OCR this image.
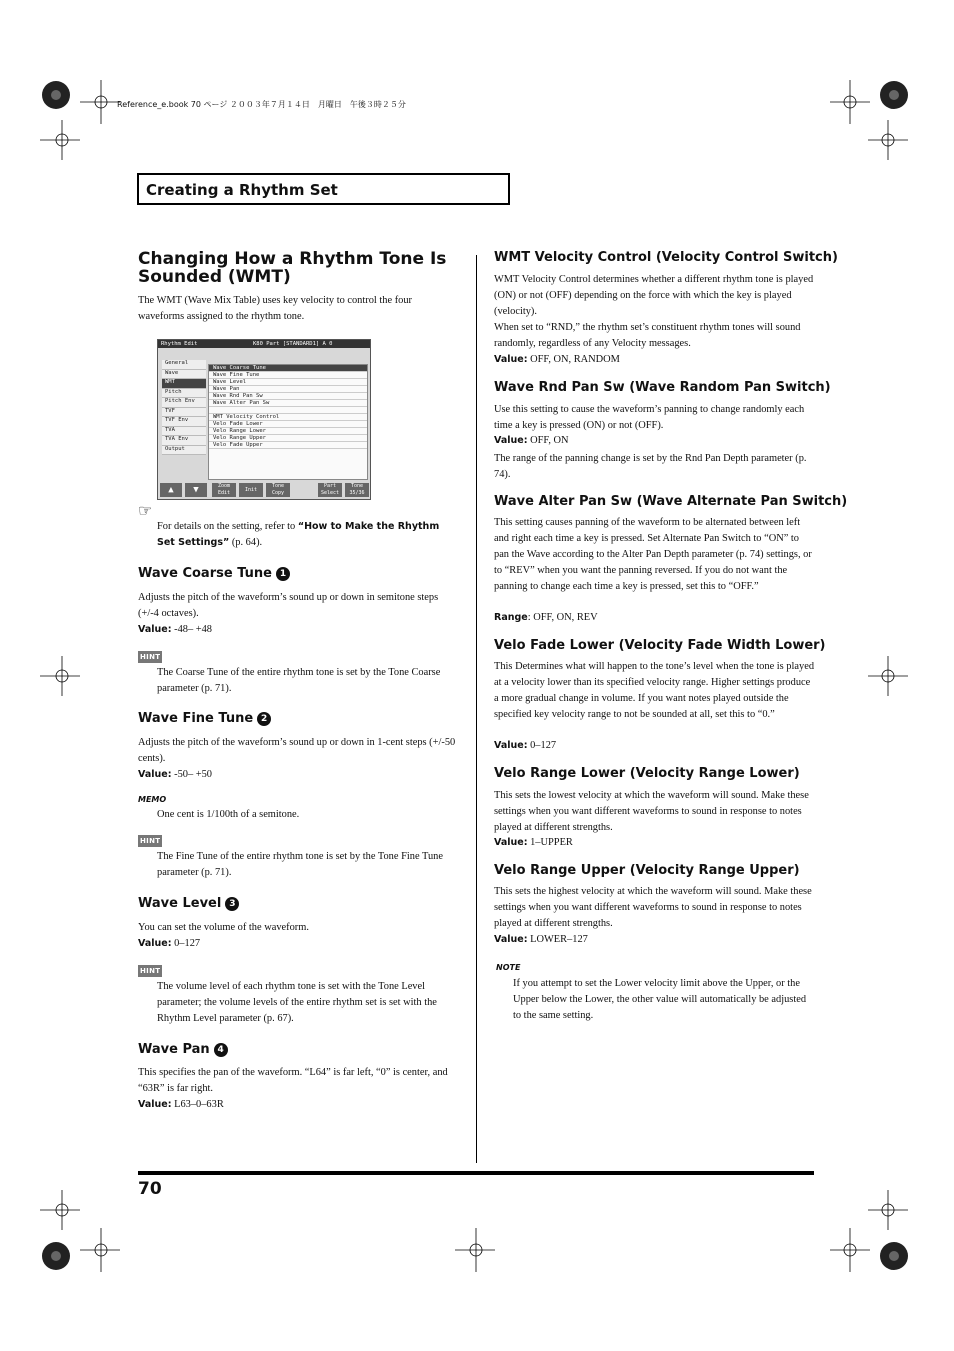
Reference_e.book 70 ページ ２００３年７月１４日　月曜日　午後３時２５分
Creating a Rhythm Set
Changing How a Rhythm Tone Is Sounded (WMT)
The WMT (Wave Mix Table) uses key velocity to control the four waveforms assigned to the rhythm tone.
Rhythm Edit	K80 Part [STANDARD1] A 0
General
Wave
WMT
Pitch
Pitch Env
TVF
TVF Env
TVA
TVA Env
Output
Wave Coarse Tune
Wave Fine Tune
Wave Level
Wave Pan
Wave Rnd Pan Sw
Wave Alter Pan Sw
WMT Velocity Control
Velo Fade Lower
Velo Range Lower
Velo Range Upper
Velo Fade Upper
▲	▼	Zoom Edit	Init
Tone Copy
Part Select
Tone 35/36
☞
For details on the setting, refer to “How to Make the Rhythm Set Settings” (p. 64).
Wave Coarse Tune 1
Adjusts the pitch of the waveform’s sound up or down in semitone steps (+/-4 octaves).
Value: -48– +48
HINT
The Coarse Tune of the entire rhythm tone is set by the Tone Coarse parameter (p. 71).
Wave Fine Tune 2
Adjusts the pitch of the waveform’s sound up or down in 1-cent steps (+/-50 cents).
Value: -50– +50
MEMO
One cent is 1/100th of a semitone.
HINT
The Fine Tune of the entire rhythm tone is set by the Tone Fine Tune parameter (p. 71).
Wave Level 3
You can set the volume of the waveform.
Value: 0–127
HINT
The volume level of each rhythm tone is set with the Tone Level parameter; the volume levels of the entire rhythm set is set with the Rhythm Level parameter (p. 67).
Wave Pan 4
This specifies the pan of the waveform. “L64” is far left, “0” is center, and “63R” is far right.
Value: L63–0–63R
WMT Velocity Control (Velocity Control Switch)
WMT Velocity Control determines whether a different rhythm tone is played (ON) or not (OFF) depending on the force with which the key is played (velocity).
When set to “RND,” the rhythm set’s constituent rhythm tones will sound randomly, regardless of any Velocity messages.
Value: OFF, ON, RANDOM
Wave Rnd Pan Sw (Wave Random Pan Switch)
Use this setting to cause the waveform’s panning to change randomly each time a key is pressed (ON) or not (OFF).
Value: OFF, ON
The range of the panning change is set by the Rnd Pan Depth parameter (p. 74).
Wave Alter Pan Sw (Wave Alternate Pan Switch)
This setting causes panning of the waveform to be alternated between left and right each time a key is pressed. Set Alternate Pan Switch to “ON” to pan the Wave according to the Alter Pan Depth parameter (p. 74) settings, or to “REV” when you want the panning reversed. If you do not want the panning to change each time a key is pressed, set this to “OFF.”
Range: OFF, ON, REV
Velo Fade Lower (Velocity Fade Width Lower)
This Determines what will happen to the tone’s level when the tone is played at a velocity lower than its specified velocity range. Higher settings produce a more gradual change in volume. If you want notes played outside the specified key velocity range to not be sounded at all, set this to “0.”
Value: 0–127
Velo Range Lower (Velocity Range Lower)
This sets the lowest velocity at which the waveform will sound. Make these settings when you want different waveforms to sound in response to notes played at different strengths.
Value: 1–UPPER
Velo Range Upper (Velocity Range Upper)
This sets the highest velocity at which the waveform will sound. Make these settings when you want different waveforms to sound in response to notes played at different strengths.
Value: LOWER–127
NOTE
If you attempt to set the Lower velocity limit above the Upper, or the Upper below the Lower, the other value will automatically be adjusted to the same setting.
70
